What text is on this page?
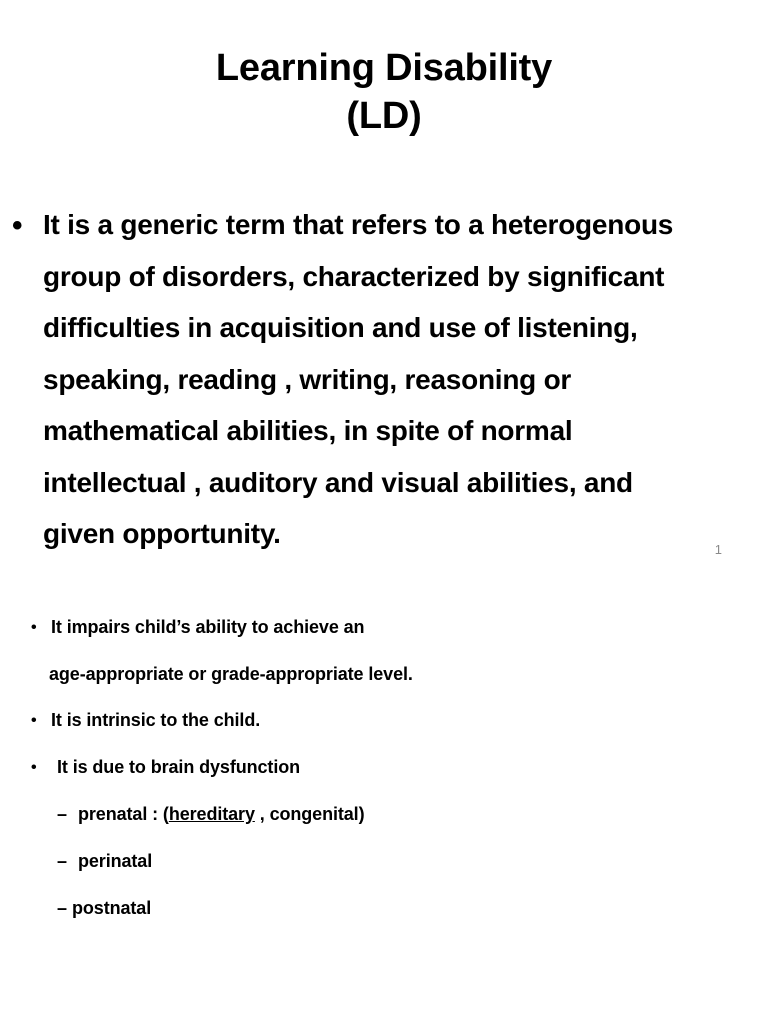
Learning Disability
(LD)
• It is a generic term that refers to a heterogenous
group of disorders, characterized by significant
difficulties in acquisition and use of listening,
speaking, reading , writing, reasoning or
mathematical abilities, in spite of normal
intellectual , auditory and visual abilities, and
given opportunity.
1
• It impairs child’s ability to achieve an
age-appropriate or grade-appropriate level.
• It is intrinsic to the child.
• It is due to brain dysfunction
– prenatal : (hereditary , congenital)
– perinatal
– postnatal
